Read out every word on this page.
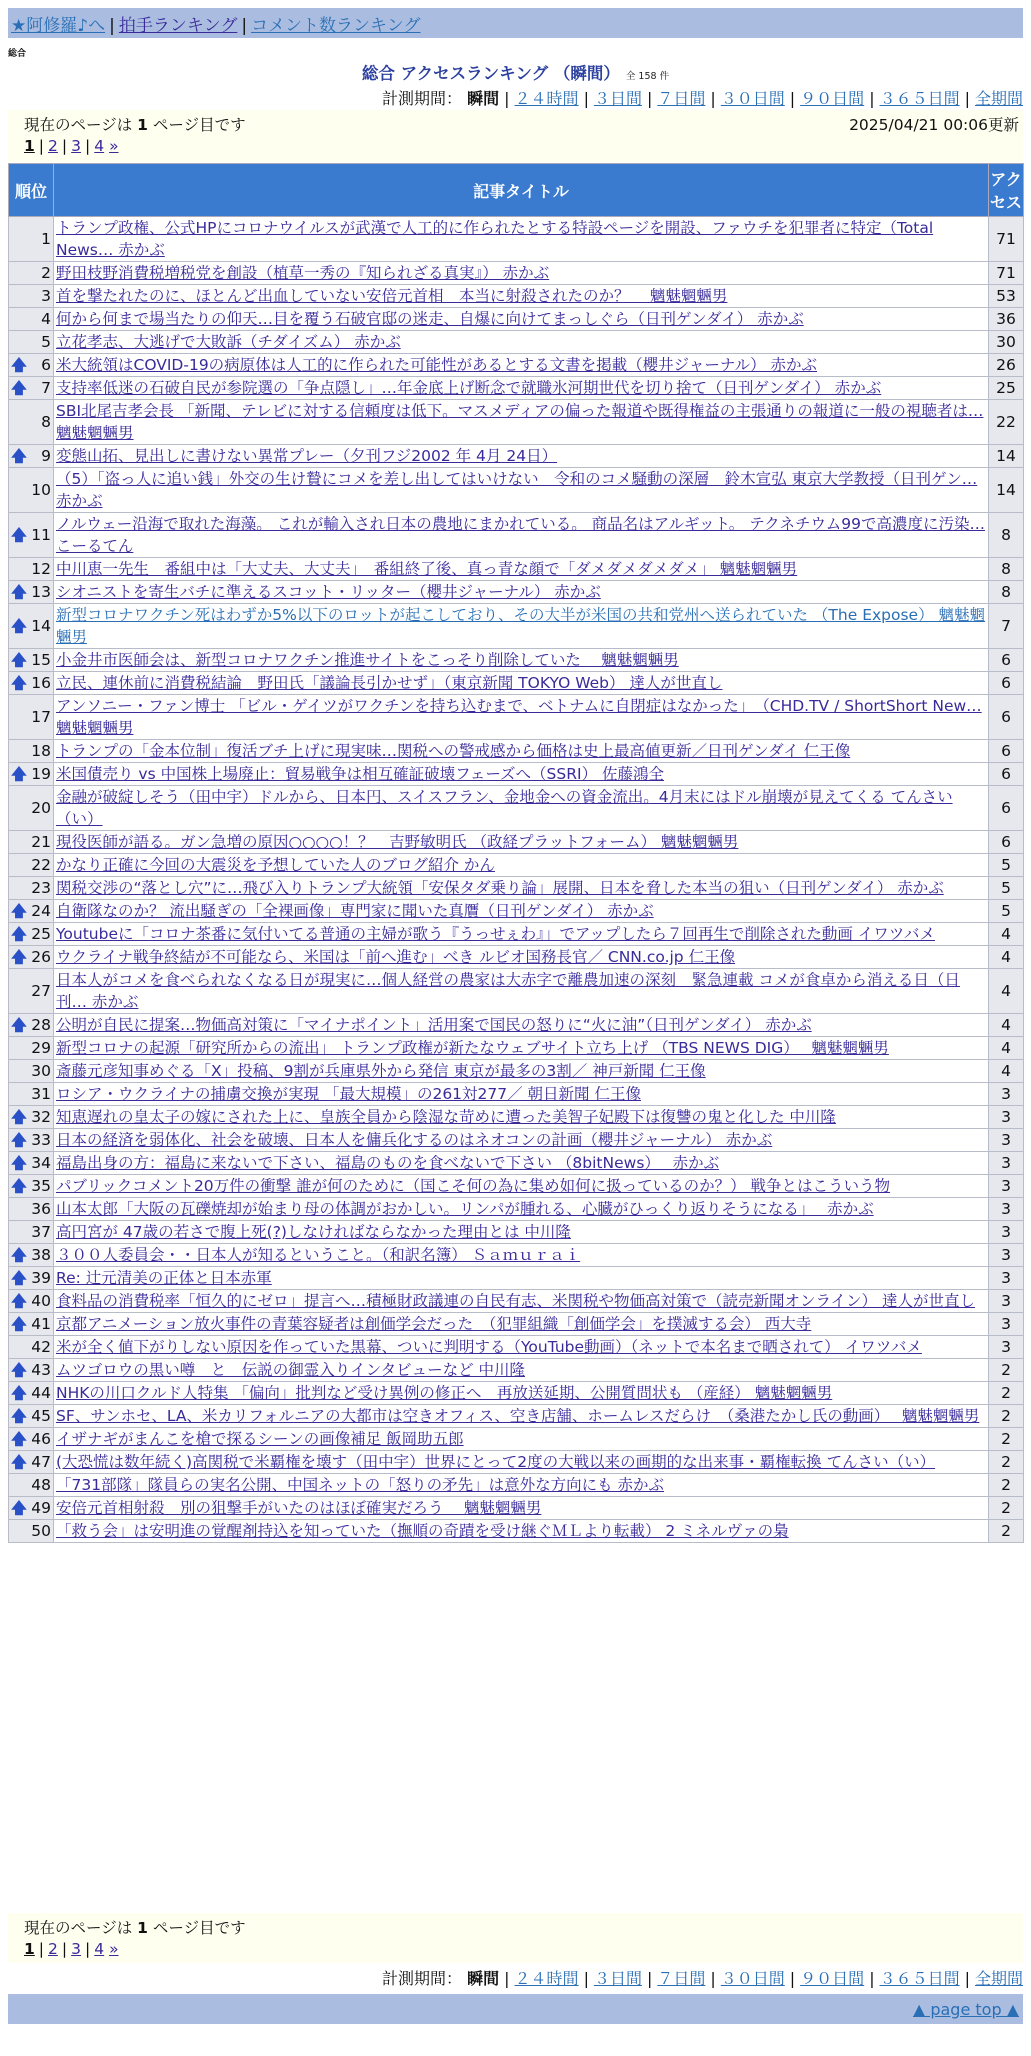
★阿修羅♪へ | 拍手ランキング | コメント数ランキング
総合
総合 アクセスランキング （瞬間） 全 158 件
計測期間： 瞬間 | ２４時間 | ３日間 | ７日間 | ３０日間 | ９０日間 | ３６５日間 | 全期間
現在のページは 1 ページ目です	2025/04/21 00:06更新
1 | 2 | 3 | 4 »
順位	記事タイトル	アクセス
1	トランプ政権、公式HPにコロナウイルスが武漢で人工的に作られたとする特設ページを開設、ファウチを犯罪者に特定（Total News… 赤かぶ	71
2	野田枝野消費税増税党を創設（植草一秀の『知られざる真実』） 赤かぶ	71
3	首を撃たれたのに、ほとんど出血していない安倍元首相　本当に射殺されたのか？　 魑魅魍魎男	53
4	何から何まで場当たりの仰天…目を覆う石破官邸の迷走、自爆に向けてまっしぐら（日刊ゲンダイ） 赤かぶ	36
5	立花孝志、大逃げで大敗訴（チダイズム） 赤かぶ	30

🡅 6	米大統領はCOVID-19の病原体は人工的に作られた可能性があるとする文書を掲載（櫻井ジャーナル） 赤かぶ	26

🡅 7	支持率低迷の石破自民が参院選の「争点隠し」…年金底上げ断念で就職氷河期世代を切り捨て（日刊ゲンダイ） 赤かぶ	25
8	SBI北尾吉孝会長 「新聞、テレビに対する信頼度は低下。マスメディアの偏った報道や既得権益の主張通りの報道に一般の視聴者は… 魑魅魍魎男	22

🡅 9	変態山拓、見出しに書けない異常プレー（夕刊フジ2002 年 4月 24日）	14
10	（5）「盗っ人に追い銭」外交の生け贄にコメを差し出してはいけない　令和のコメ騒動の深層　鈴木宣弘 東京大学教授（日刊ゲン… 赤かぶ	14

🡅 11	ノルウェー沿海で取れた海藻。 これが輸入され日本の農地にまかれている。 商品名はアルギット。 テクネチウム99で高濃度に汚染… こーるてん	8
12	中川恵一先生　番組中は「大丈夫、大丈夫」　番組終了後、真っ青な顔で「ダメダメダメダメ」 魑魅魍魎男	8

🡅 13	シオニストを寄生バチに準えるスコット・リッター（櫻井ジャーナル） 赤かぶ	8

🡅 14	新型コロナワクチン死はわずか5%以下のロットが起こしており、その大半が米国の共和党州へ送られていた （The Expose） 魑魅魍魎男	7

🡅 15	小金井市医師会は、新型コロナワクチン推進サイトをこっそり削除していた　 魑魅魍魎男	6

🡅 16	立民、連休前に消費税結論　野田氏「議論長引かせず」（東京新聞 TOKYO Web） 達人が世直し	6
17	アンソニー・ファン博士 「ビル・ゲイツがワクチンを持ち込むまで、ベトナムに自閉症はなかった」　（CHD.TV / ShortShort New… 魑魅魍魎男	6
18	トランプの「金本位制」復活ブチ上げに現実味…関税への警戒感から価格は史上最高値更新／日刊ゲンダイ 仁王像	6

🡅 19	米国債売り vs 中国株上場廃止：貿易戦争は相互確証破壊フェーズへ（SSRI） 佐藤鴻全	6
20	金融が破綻しそう（田中宇）ドルから、日本円、スイスフラン、金地金への資金流出。4月末にはドル崩壊が見えてくる てんさい（い）	6
21	現役医師が語る。ガン急増の原因○○○○！？　吉野敏明氏 （政経プラットフォーム） 魑魅魍魎男	6
22	かなり正確に今回の大震災を予想していた人のブログ紹介 かん	5
23	関税交渉の“落とし穴”に…飛び入りトランプ大統領「安保タダ乗り論」展開、日本を脅した本当の狙い（日刊ゲンダイ） 赤かぶ	5

🡅 24	自衛隊なのか？ 流出騒ぎの「全裸画像」専門家に聞いた真贋（日刊ゲンダイ） 赤かぶ	5

🡅 25	Youtubeに「コロナ茶番に気付いてる普通の主婦が歌う『うっせぇわ』」でアップしたら７回再生で削除された動画 イワツバメ	4

🡅 26	ウクライナ戦争終結が不可能なら、米国は「前へ進む」べき ルビオ国務長官／ CNN.co.jp 仁王像	4
27	日本人がコメを食べられなくなる日が現実に…個人経営の農家は大赤字で離農加速の深刻　緊急連載 コメが食卓から消える日（日刊… 赤かぶ	4

🡅 28	公明が自民に提案…物価高対策に「マイナポイント」活用案で国民の怒りに“火に油”（日刊ゲンダイ） 赤かぶ	4
29	新型コロナの起源「研究所からの流出」 トランプ政権が新たなウェブサイト立ち上げ （TBS NEWS DIG）　 魑魅魍魎男	4
30	斎藤元彦知事めぐる「X」投稿、9割が兵庫県外から発信 東京が最多の3割／ 神戸新聞 仁王像	4
31	ロシア・ウクライナの捕虜交換が実現 「最大規模」の261対277／ 朝日新聞 仁王像	3

🡅 32	知恵遅れの皇太子の嫁にされた上に、皇族全員から陰湿な苛めに遭った美智子妃殿下は復讐の鬼と化した 中川隆	3

🡅 33	日本の経済を弱体化、社会を破壊、日本人を傭兵化するのはネオコンの計画（櫻井ジャーナル） 赤かぶ	3

🡅 34	福島出身の方：福島に来ないで下さい、福島のものを食べないで下さい （8bitNews）　 赤かぶ	3

🡅 35	パブリックコメント20万件の衝撃 誰が何のために（国こそ何の為に集め如何に扱っているのか？） 戦争とはこういう物	3
36	山本太郎「大阪の瓦礫焼却が始まり母の体調がおかしい。リンパが腫れる、心臓がひっくり返りそうになる」　 赤かぶ	3
37	高円宮が 47歳の若さで腹上死(?)しなければならなかった理由とは 中川隆	3

🡅 38	３００人委員会・・日本人が知るということ。（和訳名簿） Ｓａｍｕｒａｉ	3

🡅 39	Re: 辻元清美の正体と日本赤軍	3

🡅 40	食料品の消費税率「恒久的にゼロ」提言へ…積極財政議連の自民有志、米関税や物価高対策で（読売新聞オンライン） 達人が世直し	3

🡅 41	京都アニメーション放火事件の青葉容疑者は創価学会だった　（犯罪組織「創価学会」を撲滅する会） 西大寺	3
42	米が全く値下がりしない原因を作っていた黒幕、ついに判明する（YouTube動画）（ネットで本名まで晒されて） イワツバメ	3

🡅 43	ムツゴロウの黒い噂　と　伝説の御霊入りインタビューなど 中川隆	2

🡅 44	NHKの川口クルド人特集 「偏向」批判など受け異例の修正へ　再放送延期、公開質問状も （産経） 魑魅魍魎男	2

🡅 45	SF、サンホセ、LA、米カリフォルニアの大都市は空きオフィス、空き店舗、ホームレスだらけ　（桑港たかし氏の動画）　 魑魅魍魎男	2

🡅 46	イザナギがまんこを槍で探るシーンの画像補足 飯岡助五郎	2

🡅 47	(大恐慌は数年続く)高関税で米覇権を壊す（田中宇）世界にとって2度の大戦以来の画期的な出来事・覇権転換 てんさい（い）	2
48	「731部隊」隊員らの実名公開、中国ネットの「怒りの矛先」は意外な方向にも 赤かぶ	2

🡅 49	安倍元首相射殺　別の狙撃手がいたのはほぼ確実だろう　 魑魅魍魎男	2
50	「救う会」は安明進の覚醒剤持込を知っていた（撫順の奇蹟を受け継ぐＭＬより転載） 2 ミネルヴァの梟	2
現在のページは 1 ページ目です
1 | 2 | 3 | 4 »
計測期間： 瞬間 | ２４時間 | ３日間 | ７日間 | ３０日間 | ９０日間 | ３６５日間 | 全期間
▲ page top ▲
